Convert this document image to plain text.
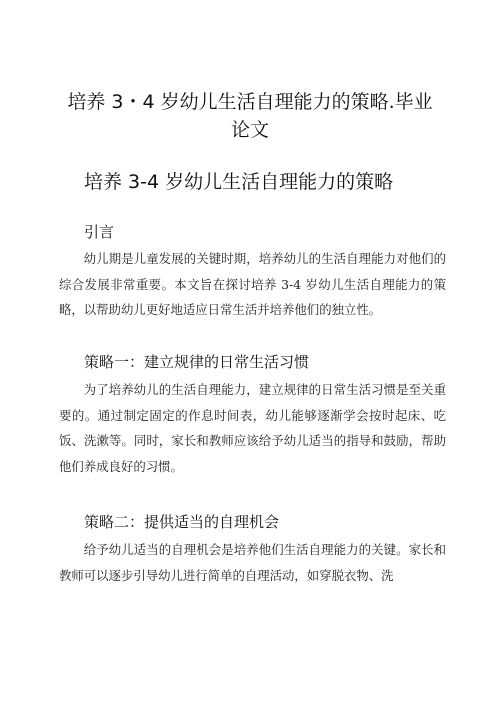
培养 3・4 岁幼儿生活自理能力的策略.毕业论文
培养 3-4 岁幼儿生活自理能力的策略
引言

幼儿期是儿童发展的关键时期，培养幼儿的生活自理能力对他们的综合发展非常重要。本文旨在探讨培养 3-4 岁幼儿生活自理能力的策略，以帮助幼儿更好地适应日常生活并培养他们的独立性。

策略一：建立规律的日常生活习惯

为了培养幼儿的生活自理能力，建立规律的日常生活习惯是至关重要的。通过制定固定的作息时间表，幼儿能够逐渐学会按时起床、吃饭、洗漱等。同时，家长和教师应该给予幼儿适当的指导和鼓励，帮助他们养成良好的习惯。

策略二：提供适当的自理机会

给予幼儿适当的自理机会是培养他们生活自理能力的关键。家长和教师可以逐步引导幼儿进行简单的自理活动，如穿脱衣物、洗
